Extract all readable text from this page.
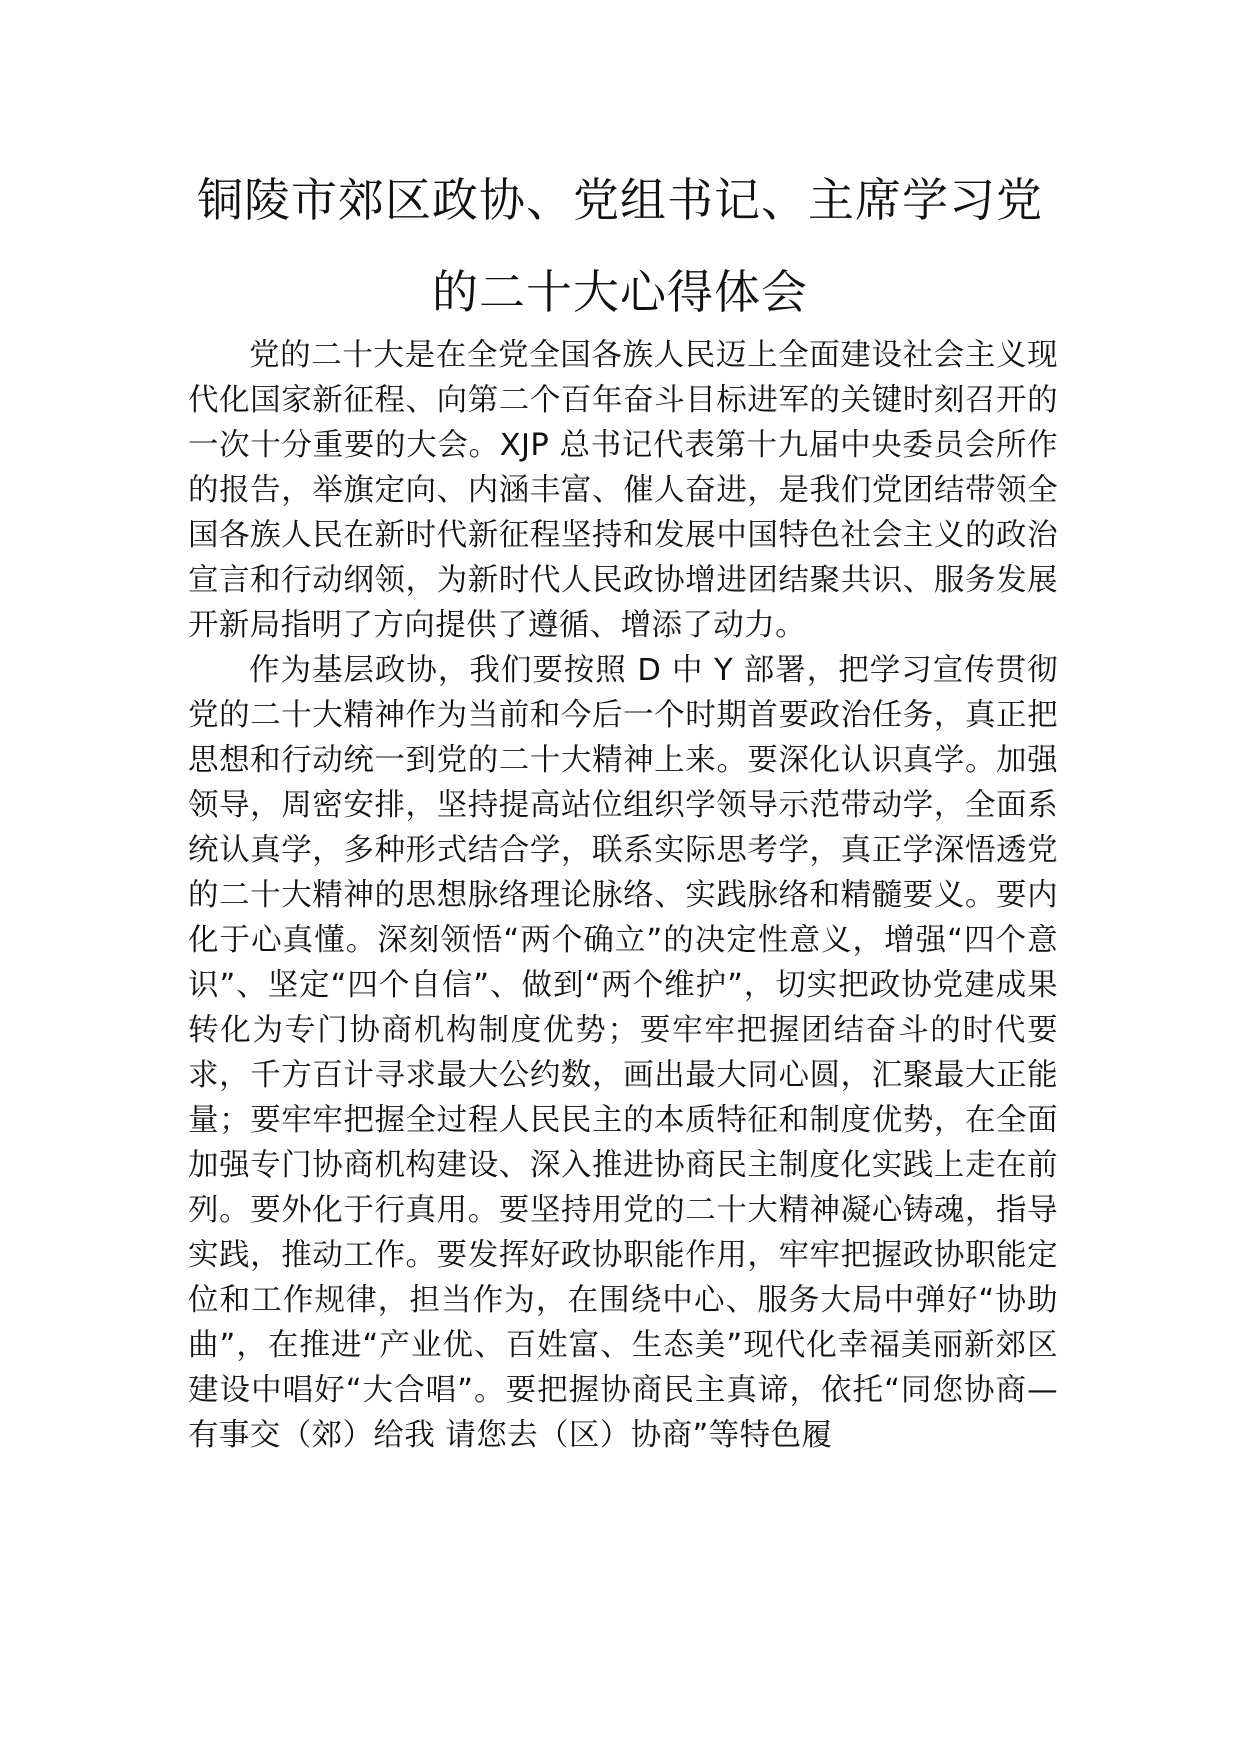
铜陵市郊区政协、党组书记、主席学习党的二十大心得体会

党的二十大是在全党全国各族人民迈上全面建设社会主义现代化国家新征程、向第二个百年奋斗目标进军的关键时刻召开的一次十分重要的大会。XJP 总书记代表第十九届中央委员会所作的报告，举旗定向、内涵丰富、催人奋进，是我们党团结带领全国各族人民在新时代新征程坚持和发展中国特色社会主义的政治宣言和行动纲领，为新时代人民政协增进团结聚共识、服务发展开新局指明了方向提供了遵循、增添了动力。

作为基层政协，我们要按照 D 中 Y 部署，把学习宣传贯彻党的二十大精神作为当前和今后一个时期首要政治任务，真正把思想和行动统一到党的二十大精神上来。要深化认识真学。加强领导，周密安排，坚持提高站位组织学领导示范带动学，全面系统认真学，多种形式结合学，联系实际思考学，真正学深悟透党的二十大精神的思想脉络理论脉络、实践脉络和精髓要义。要内化于心真懂。深刻领悟“两个确立”的决定性意义，增强“四个意识”、坚定“四个自信”、做到“两个维护”，切实把政协党建成果转化为专门协商机构制度优势；要牢牢把握团结奋斗的时代要求，千方百计寻求最大公约数，画出最大同心圆，汇聚最大正能量；要牢牢把握全过程人民民主的本质特征和制度优势，在全面加强专门协商机构建设、深入推进协商民主制度化实践上走在前列。要外化于行真用。要坚持用党的二十大精神凝心铸魂，指导实践，推动工作。要发挥好政协职能作用，牢牢把握政协职能定位和工作规律，担当作为，在围绕中心、服务大局中弹好“协助曲”，在推进“产业优、百姓富、生态美”现代化幸福美丽新郊区建设中唱好“大合唱”。要把握协商民主真谛，依托“同您协商—有事交（郊）给我 请您去（区）协商”等特色履
